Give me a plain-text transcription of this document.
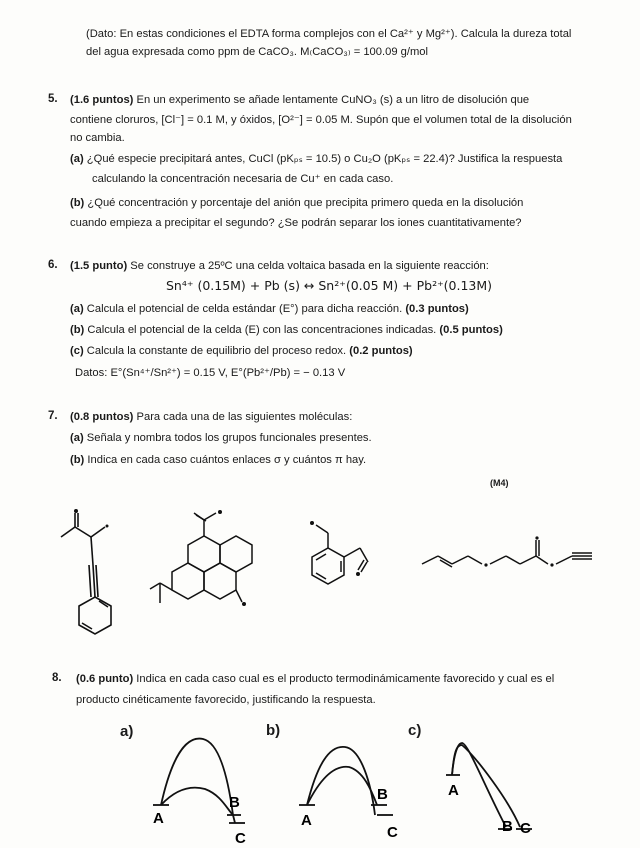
(Dato: En estas condiciones el EDTA forma complejos con el Ca²⁺ y Mg²⁺). Calcula la dureza total
del agua expresada como ppm de CaCO₃. M₍CaCO₃₎ = 100.09 g/mol
5. (1.6 puntos) En un experimento se añade lentamente CuNO₃ (s) a un litro de disolución que
contiene cloruros, [Cl⁻] = 0.1 M, y óxidos, [O²⁻] = 0.05 M. Supón que el volumen total de la disolución
no cambia.
(a) ¿Qué especie precipitará antes, CuCl (pKₚₛ = 10.5) o Cu₂O (pKₚₛ = 22.4)? Justifica la respuesta
calculando la concentración necesaria de Cu⁺ en cada caso.
(b) ¿Qué concentración y porcentaje del anión que precipita primero queda en la disolución
cuando empieza a precipitar el segundo? ¿Se podrán separar los iones cuantitativamente?
6. (1.5 punto) Se construye a 25ºC una celda voltaica basada en la siguiente reacción:
Sn⁴⁺ (0.15M) + Pb (s) ↔ Sn²⁺(0.05 M) + Pb²⁺(0.13M)
(a) Calcula el potencial de celda estándar (E°) para dicha reacción. (0.3 puntos)
(b) Calcula el potencial de la celda (E) con las concentraciones indicadas. (0.5 puntos)
(c) Calcula la constante de equilibrio del proceso redox. (0.2 puntos)
Datos: E°(Sn⁴⁺/Sn²⁺) = 0.15 V, E°(Pb²⁺/Pb) = − 0.13 V
7. (0.8 puntos) Para cada una de las siguientes moléculas:
(a) Señala y nombra todos los grupos funcionales presentes.
(b) Indica en cada caso cuántos enlaces σ y cuántos π hay.
(M4)
8. (0.6 punto) Indica en cada caso cual es el producto termodinámicamente favorecido y cual es el
producto cinéticamente favorecido, justificando la respuesta.
a)
A
B
C
b)
A
B
C
c)
A
B C
